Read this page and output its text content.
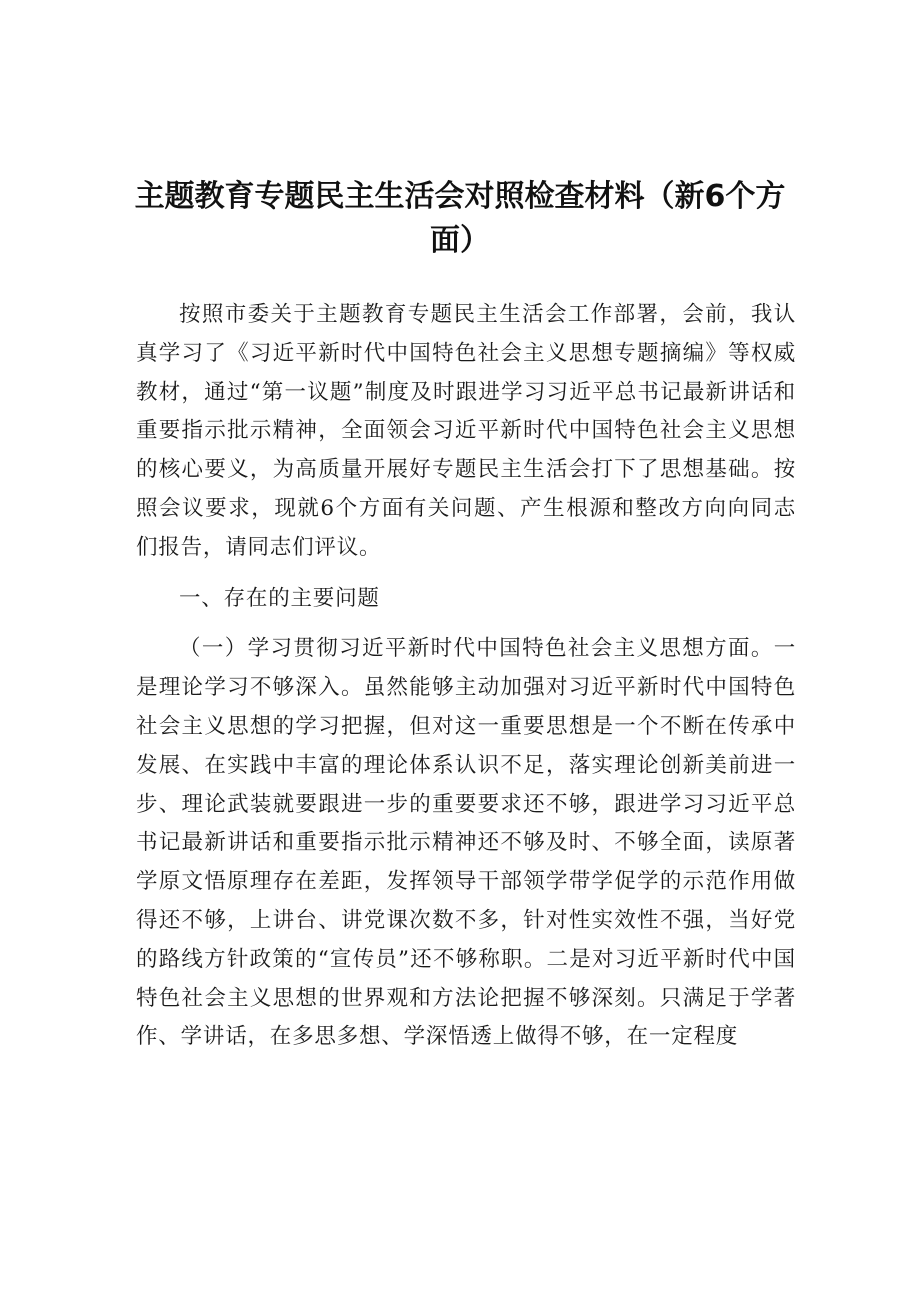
主题教育专题民主生活会对照检查材料（新6个方面）

按照市委关于主题教育专题民主生活会工作部署，会前，我认真学习了《习近平新时代中国特色社会主义思想专题摘编》等权威教材，通过“第一议题”制度及时跟进学习习近平总书记最新讲话和重要指示批示精神，全面领会习近平新时代中国特色社会主义思想的核心要义，为高质量开展好专题民主生活会打下了思想基础。按照会议要求，现就6个方面有关问题、产生根源和整改方向向同志们报告，请同志们评议。

一、存在的主要问题

（一）学习贯彻习近平新时代中国特色社会主义思想方面。一是理论学习不够深入。虽然能够主动加强对习近平新时代中国特色社会主义思想的学习把握，但对这一重要思想是一个不断在传承中发展、在实践中丰富的理论体系认识不足，落实理论创新美前进一步、理论武装就要跟进一步的重要要求还不够，跟进学习习近平总书记最新讲话和重要指示批示精神还不够及时、不够全面，读原著学原文悟原理存在差距，发挥领导干部领学带学促学的示范作用做得还不够，上讲台、讲党课次数不多，针对性实效性不强，当好党的路线方针政策的“宣传员”还不够称职。二是对习近平新时代中国特色社会主义思想的世界观和方法论把握不够深刻。只满足于学著作、学讲话，在多思多想、学深悟透上做得不够，在一定程度
